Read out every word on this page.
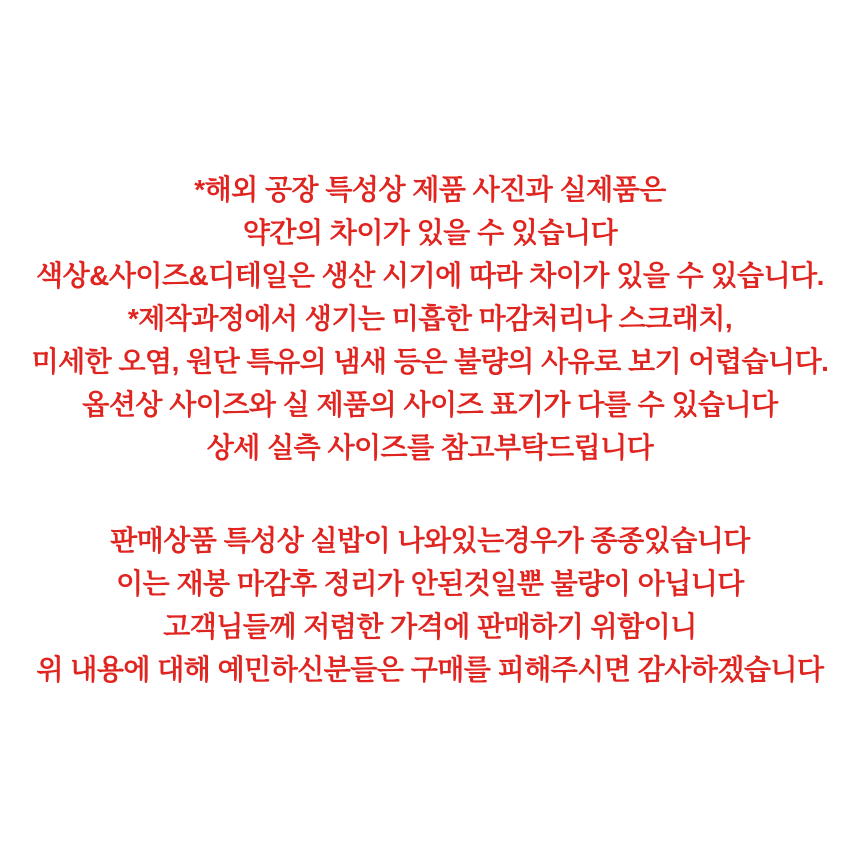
*해외 공장 특성상 제품 사진과 실제품은
약간의 차이가 있을 수 있습니다
색상&사이즈&디테일은 생산 시기에 따라 차이가 있을 수 있습니다.
*제작과정에서 생기는 미흡한 마감처리나 스크래치,
미세한 오염, 원단 특유의 냄새 등은 불량의 사유로 보기 어렵습니다.
옵션상 사이즈와 실 제품의 사이즈 표기가 다를 수 있습니다
상세 실측 사이즈를 참고부탁드립니다
판매상품 특성상 실밥이 나와있는경우가 종종있습니다
이는 재봉 마감후 정리가 안된것일뿐 불량이 아닙니다
고객님들께 저렴한 가격에 판매하기 위함이니
위 내용에 대해 예민하신분들은 구매를 피해주시면 감사하겠습니다
